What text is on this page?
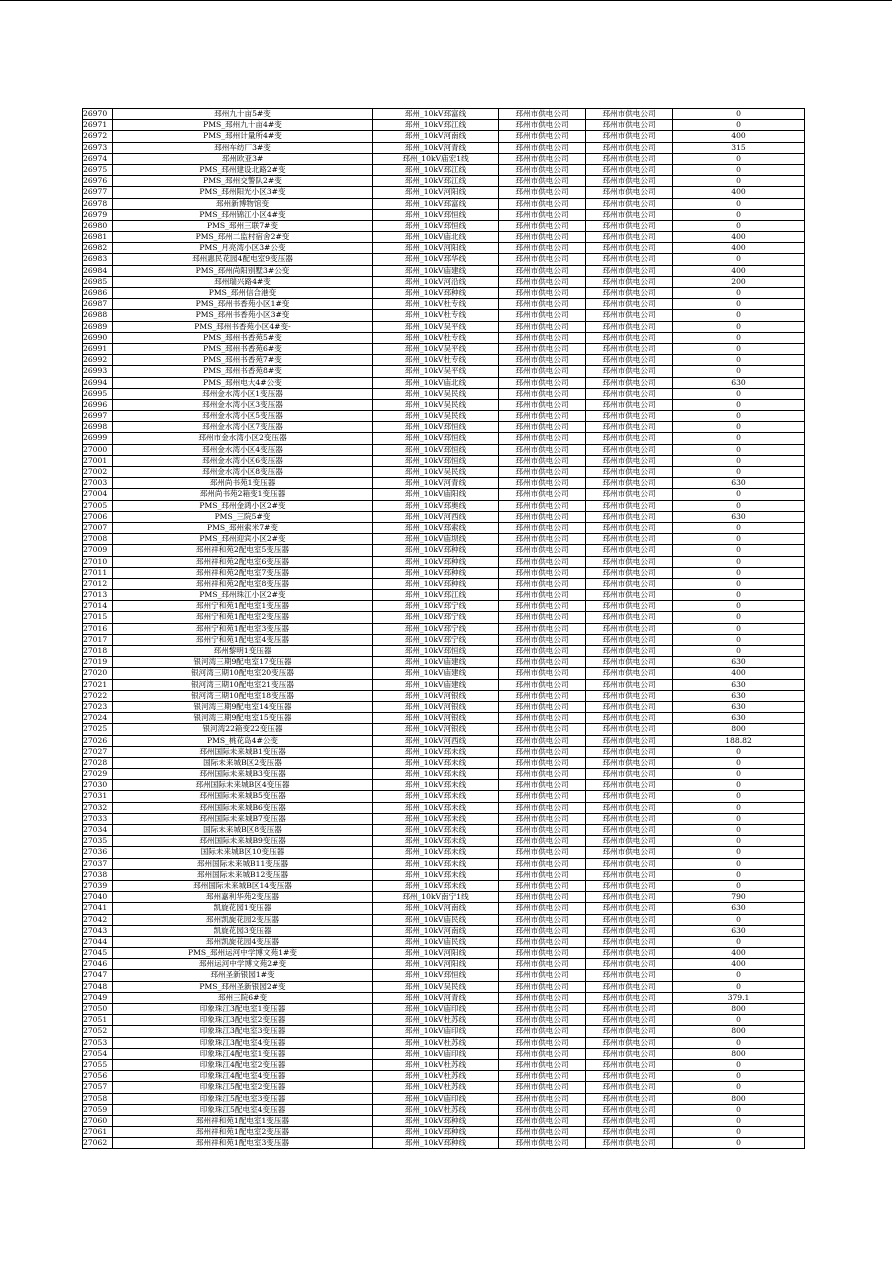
26970	邳州九十亩5#变	邳州_10kV邳富线	邳州市供电公司	邳州市供电公司	0
26971	PMS_邳州九十亩4#变	邳州_10kV邳江线	邳州市供电公司	邳州市供电公司	0
26972	PMS_邳州计量所4#变	邳州_10kV河南线	邳州市供电公司	邳州市供电公司	400
26973	邳州车纺厂3#变	邳州_10kV河青线	邳州市供电公司	邳州市供电公司	315
26974	邳州欧亚3#	邳州_10kV庙宏1线	邳州市供电公司	邳州市供电公司	0
26975	PMS_邳州建设北路2#变	邳州_10kV邳江线	邳州市供电公司	邳州市供电公司	0
26976	PMS_邳州交警队2#变	邳州_10kV邳江线	邳州市供电公司	邳州市供电公司	0
26977	PMS_邳州阳光小区3#变	邳州_10kV河阳线	邳州市供电公司	邳州市供电公司	400
26978	邳州新博物馆变	邳州_10kV邳富线	邳州市供电公司	邳州市供电公司	0
26979	PMS_邳州锦江小区4#变	邳州_10kV邳恒线	邳州市供电公司	邳州市供电公司	0
26980	PMS_邳州三联7#变	邳州_10kV邳恒线	邳州市供电公司	邳州市供电公司	0
26981	PMS_邳州二监村宿舍2#变	邳州_10kV庙北线	邳州市供电公司	邳州市供电公司	400
26982	PMS_月亮湾小区3#公变	邳州_10kV河阳线	邳州市供电公司	邳州市供电公司	400
26983	邳州惠民花园4配电室9变压器	邳州_10kV邳华线	邳州市供电公司	邳州市供电公司	0
26984	PMS_邳州尚阳别墅3#公变	邳州_10kV庙建线	邳州市供电公司	邳州市供电公司	400
26985	邳州瑞兴路4#变	邳州_10kV河沿线	邳州市供电公司	邳州市供电公司	200
26986	PMS_邳州信合港变	邳州_10kV邳种线	邳州市供电公司	邳州市供电公司	0
26987	PMS_邳州书香苑小区1#变	邳州_10kV杜专线	邳州市供电公司	邳州市供电公司	0
26988	PMS_邳州书香苑小区3#变	邳州_10kV杜专线	邳州市供电公司	邳州市供电公司	0
26989	PMS_邳州书香苑小区4#变-	邳州_10kV吴平线	邳州市供电公司	邳州市供电公司	0
26990	PMS_邳州书香苑5#变	邳州_10kV杜专线	邳州市供电公司	邳州市供电公司	0
26991	PMS_邳州书香苑6#变	邳州_10kV吴平线	邳州市供电公司	邳州市供电公司	0
26992	PMS_邳州书香苑7#变	邳州_10kV杜专线	邳州市供电公司	邳州市供电公司	0
26993	PMS_邳州书香苑8#变	邳州_10kV吴平线	邳州市供电公司	邳州市供电公司	0
26994	PMS_邳州电大4#公变	邳州_10kV庙北线	邳州市供电公司	邳州市供电公司	630
26995	邳州金水湾小区1变压器	邳州_10kV吴民线	邳州市供电公司	邳州市供电公司	0
26996	邳州金水湾小区3变压器	邳州_10kV吴民线	邳州市供电公司	邳州市供电公司	0
26997	邳州金水湾小区5变压器	邳州_10kV吴民线	邳州市供电公司	邳州市供电公司	0
26998	邳州金水湾小区7变压器	邳州_10kV邳恒线	邳州市供电公司	邳州市供电公司	0
26999	邳州市金水湾小区2变压器	邳州_10kV邳恒线	邳州市供电公司	邳州市供电公司	0
27000	邳州金水湾小区4变压器	邳州_10kV邳恒线	邳州市供电公司	邳州市供电公司	0
27001	邳州金水湾小区6变压器	邳州_10kV邳恒线	邳州市供电公司	邳州市供电公司	0
27002	邳州金水湾小区8变压器	邳州_10kV吴民线	邳州市供电公司	邳州市供电公司	0
27003	邳州尚书苑1变压器	邳州_10kV河青线	邳州市供电公司	邳州市供电公司	630
27004	邳州尚书苑2箱变1变压器	邳州_10kV庙阳线	邳州市供电公司	邳州市供电公司	0
27005	PMS_邳州金鸿小区2#变	邳州_10kV邳奥线	邳州市供电公司	邳州市供电公司	0
27006	PMS_三院5#变	邳州_10kV河西线	邳州市供电公司	邳州市供电公司	630
27007	PMS_邳州索米7#变	邳州_10kV邳索线	邳州市供电公司	邳州市供电公司	0
27008	PMS_邳州迎宾小区2#变	邳州_10kV庙坝线	邳州市供电公司	邳州市供电公司	0
27009	邳州祥和苑2配电室5变压器	邳州_10kV邳种线	邳州市供电公司	邳州市供电公司	0
27010	邳州祥和苑2配电室6变压器	邳州_10kV邳种线	邳州市供电公司	邳州市供电公司	0
27011	邳州祥和苑2配电室7变压器	邳州_10kV邳种线	邳州市供电公司	邳州市供电公司	0
27012	邳州祥和苑2配电室8变压器	邳州_10kV邳种线	邳州市供电公司	邳州市供电公司	0
27013	PMS_邳州珠江小区2#变	邳州_10kV邳江线	邳州市供电公司	邳州市供电公司	0
27014	邳州宁和苑1配电室1变压器	邳州_10kV邳宁线	邳州市供电公司	邳州市供电公司	0
27015	邳州宁和苑1配电室2变压器	邳州_10kV邳宁线	邳州市供电公司	邳州市供电公司	0
27016	邳州宁和苑1配电室3变压器	邳州_10kV邳宁线	邳州市供电公司	邳州市供电公司	0
27017	邳州宁和苑1配电室4变压器	邳州_10kV邳宁线	邳州市供电公司	邳州市供电公司	0
27018	邳州黎明1变压器	邳州_10kV邳恒线	邳州市供电公司	邳州市供电公司	0
27019	银河湾三期9配电室17变压器	邳州_10kV庙建线	邳州市供电公司	邳州市供电公司	630
27020	银河湾三期10配电室20变压器	邳州_10kV庙建线	邳州市供电公司	邳州市供电公司	400
27021	银河湾三期10配电室21变压器	邳州_10kV庙建线	邳州市供电公司	邳州市供电公司	630
27022	银河湾三期10配电室18变压器	邳州_10kV河银线	邳州市供电公司	邳州市供电公司	630
27023	银河湾三期9配电室14变压器	邳州_10kV河银线	邳州市供电公司	邳州市供电公司	630
27024	银河湾三期9配电室15变压器	邳州_10kV河银线	邳州市供电公司	邳州市供电公司	630
27025	银河湾22箱变22变压器	邳州_10kV河银线	邳州市供电公司	邳州市供电公司	800
27026	PMS_桃花岛4#公变	邳州_10kV河西线	邳州市供电公司	邳州市供电公司	188.82
27027	邳州国际未来城B1变压器	邳州_10kV邳未线	邳州市供电公司	邳州市供电公司	0
27028	国际未来城B区2变压器	邳州_10kV邳未线	邳州市供电公司	邳州市供电公司	0
27029	邳州国际未来城B3变压器	邳州_10kV邳未线	邳州市供电公司	邳州市供电公司	0
27030	邳州国际未来城B区4变压器	邳州_10kV邳未线	邳州市供电公司	邳州市供电公司	0
27031	邳州国际未来城B5变压器	邳州_10kV邳未线	邳州市供电公司	邳州市供电公司	0
27032	邳州国际未来城B6变压器	邳州_10kV邳未线	邳州市供电公司	邳州市供电公司	0
27033	邳州国际未来城B7变压器	邳州_10kV邳未线	邳州市供电公司	邳州市供电公司	0
27034	国际未来城B区8变压器	邳州_10kV邳未线	邳州市供电公司	邳州市供电公司	0
27035	邳州国际未来城B9变压器	邳州_10kV邳未线	邳州市供电公司	邳州市供电公司	0
27036	国际未来城B区10变压器	邳州_10kV邳未线	邳州市供电公司	邳州市供电公司	0
27037	邳州国际未来城B11变压器	邳州_10kV邳未线	邳州市供电公司	邳州市供电公司	0
27038	邳州国际未来城B12变压器	邳州_10kV邳未线	邳州市供电公司	邳州市供电公司	0
27039	邳州国际未来城B区14变压器	邳州_10kV邳未线	邳州市供电公司	邳州市供电公司	0
27040	邳州嘉利华苑2变压器	邳州_10kV南宁1线	邳州市供电公司	邳州市供电公司	790
27041	凯旋花园1变压器	邳州_10kV河南线	邳州市供电公司	邳州市供电公司	630
27042	邳州凯旋花园2变压器	邳州_10kV庙民线	邳州市供电公司	邳州市供电公司	0
27043	凯旋花园3变压器	邳州_10kV河南线	邳州市供电公司	邳州市供电公司	630
27044	邳州凯旋花园4变压器	邳州_10kV庙民线	邳州市供电公司	邳州市供电公司	0
27045	PMS_邳州运河中学博文苑1#变	邳州_10kV河阳线	邳州市供电公司	邳州市供电公司	400
27046	邳州运河中学博文苑2#变	邳州_10kV河阳线	邳州市供电公司	邳州市供电公司	400
27047	邳州圣新银园1#变	邳州_10kV邳恒线	邳州市供电公司	邳州市供电公司	0
27048	PMS_邳州圣新银园2#变	邳州_10kV吴民线	邳州市供电公司	邳州市供电公司	0
27049	邳州三院6#变	邳州_10kV河青线	邳州市供电公司	邳州市供电公司	379.1
27050	印象珠江3配电室1变压器	邳州_10kV庙印线	邳州市供电公司	邳州市供电公司	800
27051	印象珠江3配电室2变压器	邳州_10kV杜苏线	邳州市供电公司	邳州市供电公司	0
27052	印象珠江3配电室3变压器	邳州_10kV庙印线	邳州市供电公司	邳州市供电公司	800
27053	印象珠江3配电室4变压器	邳州_10kV杜苏线	邳州市供电公司	邳州市供电公司	0
27054	印象珠江4配电室1变压器	邳州_10kV庙印线	邳州市供电公司	邳州市供电公司	800
27055	印象珠江4配电室2变压器	邳州_10kV杜苏线	邳州市供电公司	邳州市供电公司	0
27056	印象珠江4配电室4变压器	邳州_10kV杜苏线	邳州市供电公司	邳州市供电公司	0
27057	印象珠江5配电室2变压器	邳州_10kV杜苏线	邳州市供电公司	邳州市供电公司	0
27058	印象珠江5配电室3变压器	邳州_10kV庙印线	邳州市供电公司	邳州市供电公司	800
27059	印象珠江5配电室4变压器	邳州_10kV杜苏线	邳州市供电公司	邳州市供电公司	0
27060	邳州祥和苑1配电室1变压器	邳州_10kV邳种线	邳州市供电公司	邳州市供电公司	0
27061	邳州祥和苑1配电室2变压器	邳州_10kV邳种线	邳州市供电公司	邳州市供电公司	0
27062	邳州祥和苑1配电室3变压器	邳州_10kV邳种线	邳州市供电公司	邳州市供电公司	0
